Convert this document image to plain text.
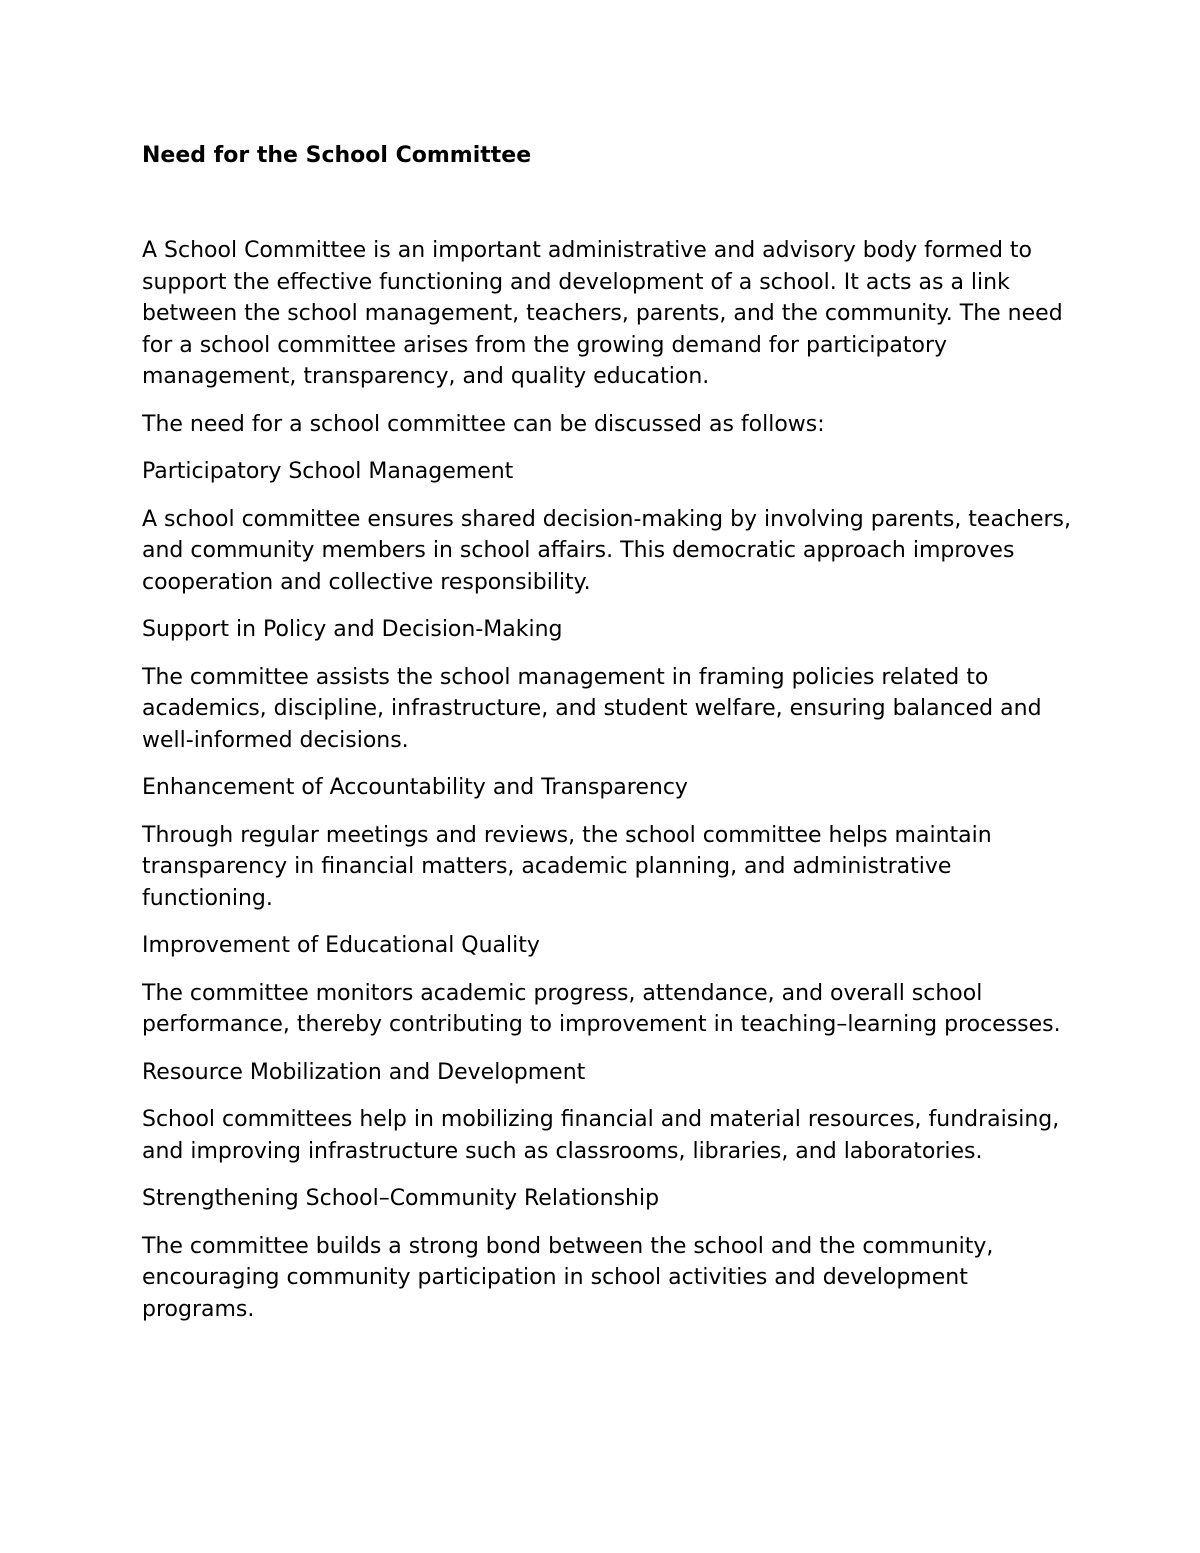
Need for the School Committee

A School Committee is an important administrative and advisory body formed to support the effective functioning and development of a school. It acts as a link between the school management, teachers, parents, and the community. The need for a school committee arises from the growing demand for participatory management, transparency, and quality education.

The need for a school committee can be discussed as follows:

Participatory School Management

A school committee ensures shared decision-making by involving parents, teachers, and community members in school affairs. This democratic approach improves cooperation and collective responsibility.

Support in Policy and Decision-Making

The committee assists the school management in framing policies related to academics, discipline, infrastructure, and student welfare, ensuring balanced and well-informed decisions.

Enhancement of Accountability and Transparency

Through regular meetings and reviews, the school committee helps maintain transparency in financial matters, academic planning, and administrative functioning.

Improvement of Educational Quality

The committee monitors academic progress, attendance, and overall school performance, thereby contributing to improvement in teaching–learning processes.

Resource Mobilization and Development

School committees help in mobilizing financial and material resources, fundraising, and improving infrastructure such as classrooms, libraries, and laboratories.

Strengthening School–Community Relationship

The committee builds a strong bond between the school and the community, encouraging community participation in school activities and development programs.
